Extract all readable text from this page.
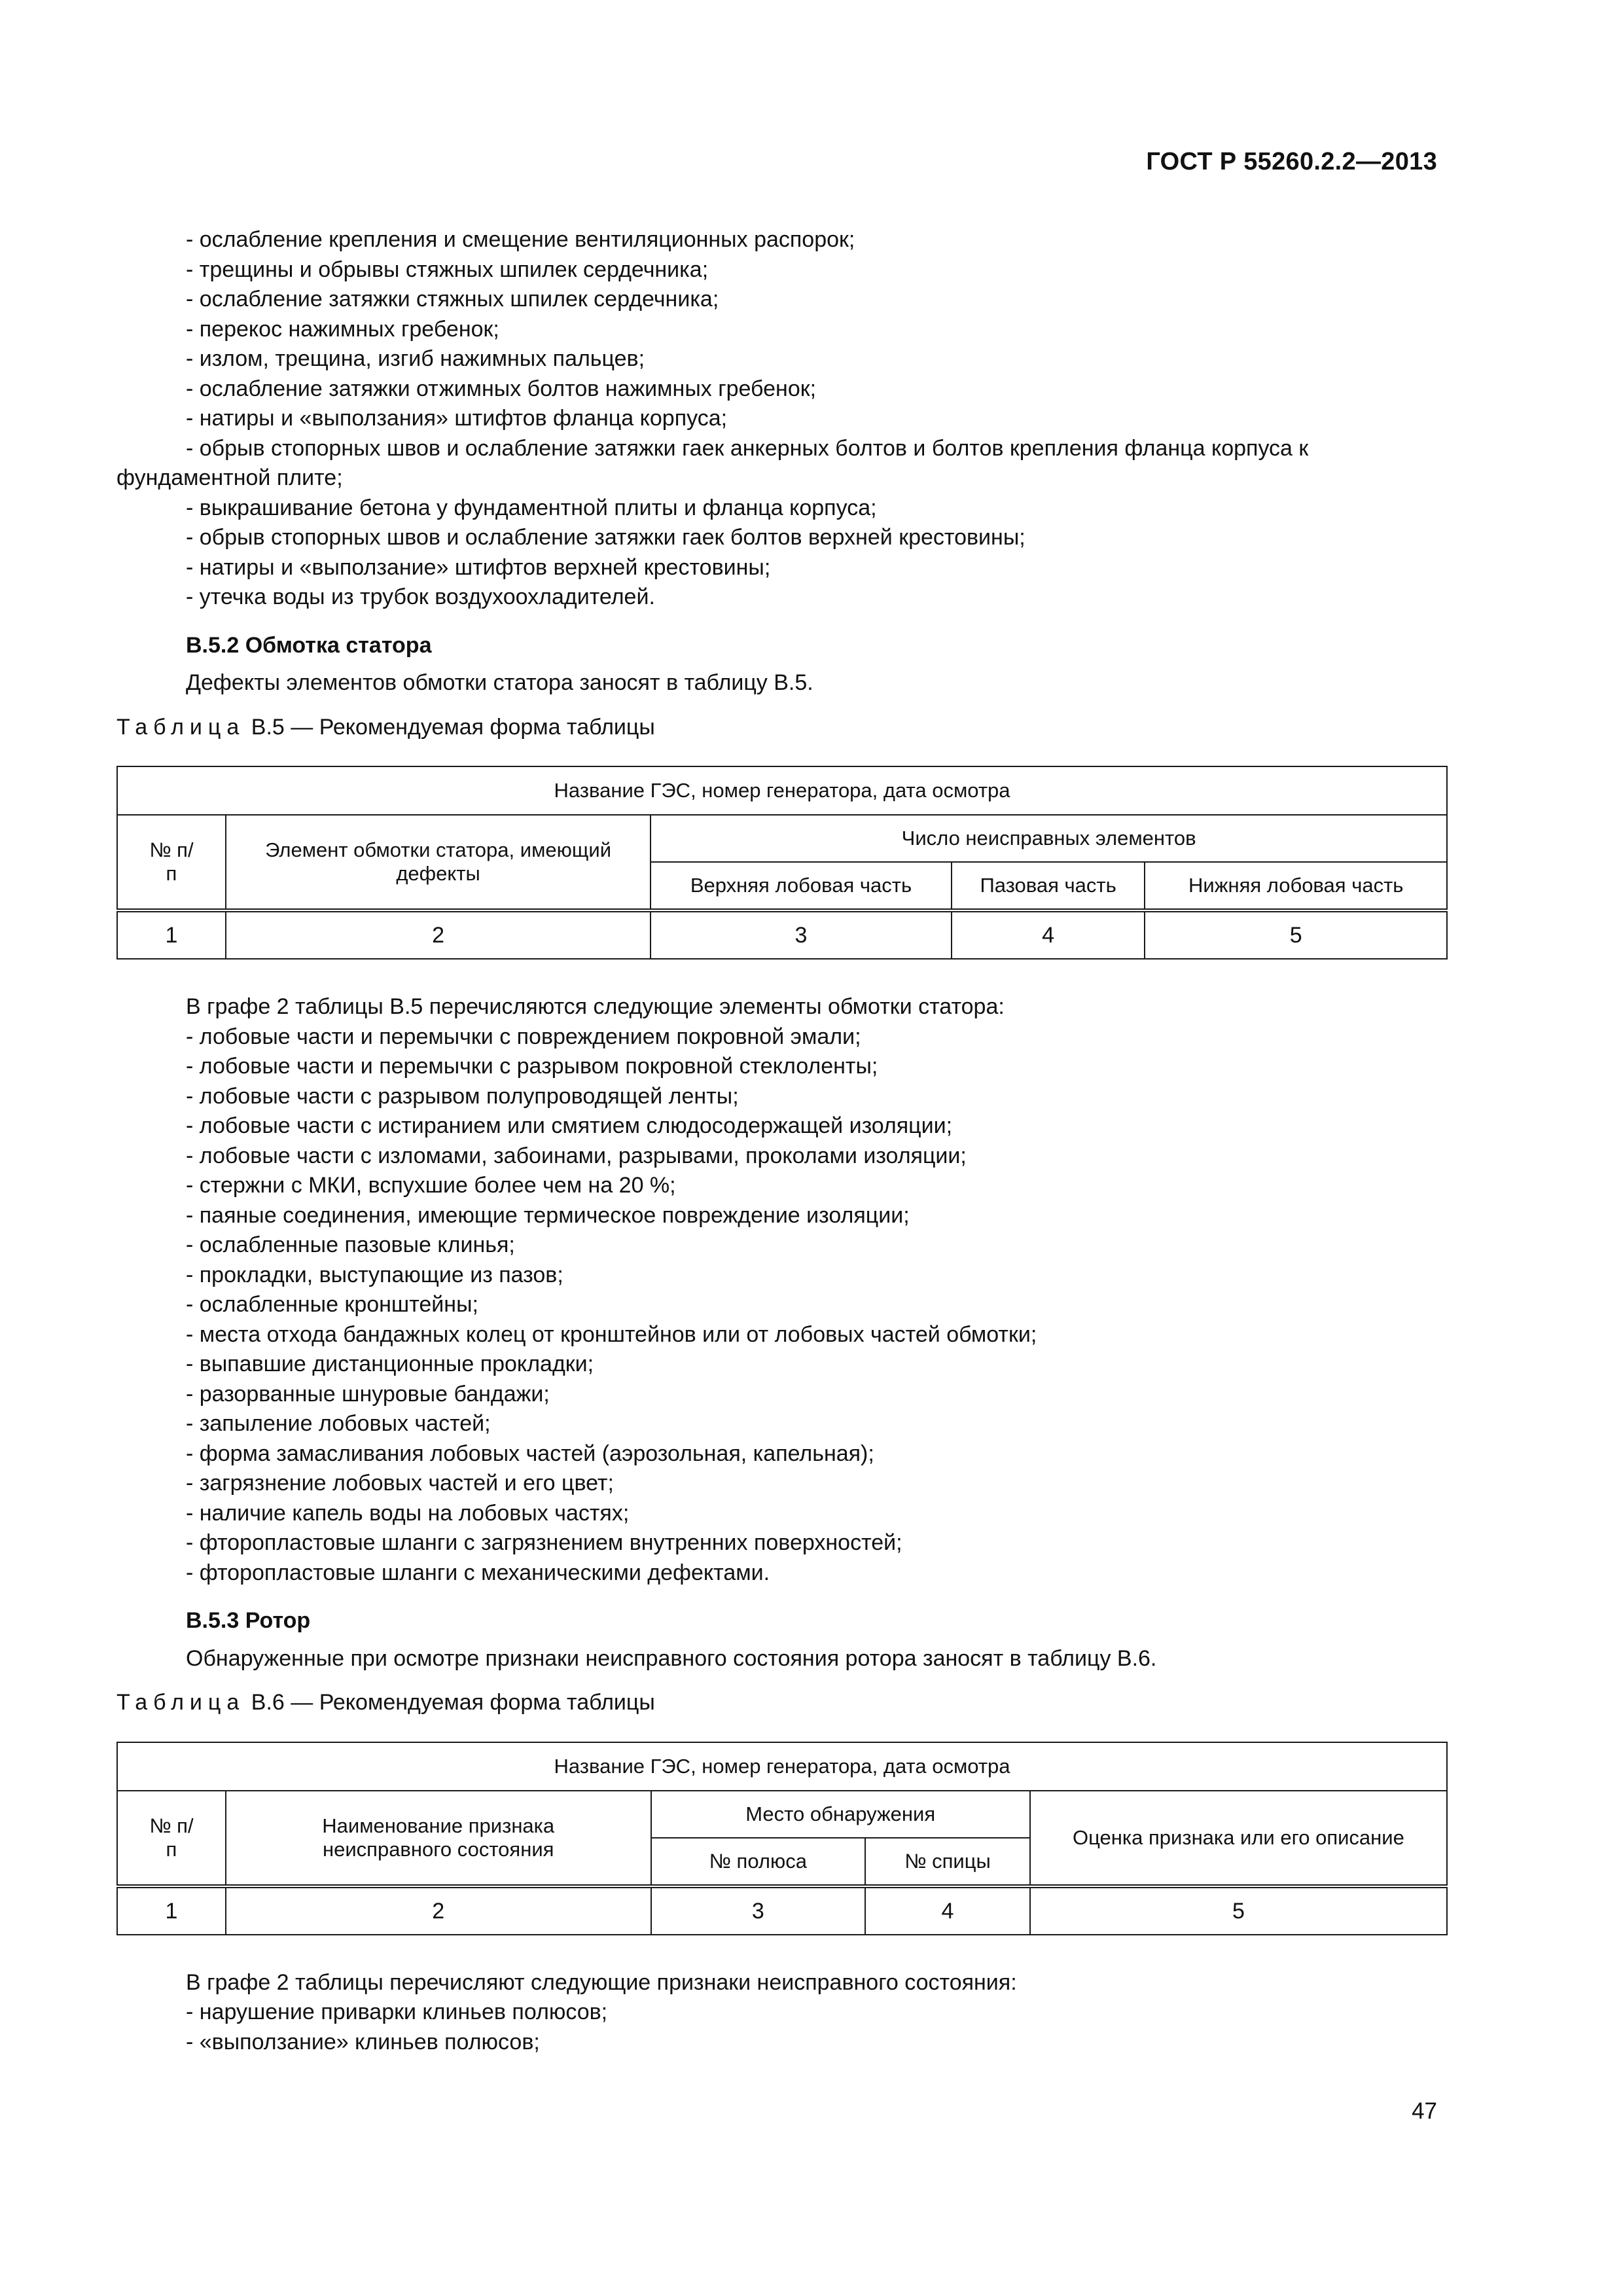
ГОСТ Р 55260.2.2—2013
- ослабление крепления и смещение вентиляционных распорок;
- трещины и обрывы стяжных шпилек сердечника;
- ослабление затяжки стяжных шпилек сердечника;
- перекос нажимных гребенок;
- излом, трещина, изгиб нажимных пальцев;
- ослабление затяжки отжимных болтов нажимных гребенок;
- натиры и «выползания» штифтов фланца корпуса;
- обрыв стопорных швов и ослабление затяжки гаек анкерных болтов и болтов крепления фланца корпуса к фундаментной плите;
- выкрашивание бетона у фундаментной плиты и фланца корпуса;
- обрыв стопорных швов и ослабление затяжки гаек болтов верхней крестовины;
- натиры и «выползание» штифтов верхней крестовины;
- утечка воды из трубок воздухоохладителей.
В.5.2 Обмотка статора
Дефекты элементов обмотки статора заносят в таблицу В.5.
Таблица В.5 — Рекомендуемая форма таблицы
Название ГЭС, номер генератора, дата осмотра				
№ п/п	Элемент обмотки статора, имеющий дефекты	Число неисправных элементов		
		Верхняя лобовая часть	Пазовая часть	Нижняя лобовая часть
1	2	3	4	5
В графе 2 таблицы В.5 перечисляются следующие элементы обмотки статора:
- лобовые части и перемычки с повреждением покровной эмали;
- лобовые части и перемычки с разрывом покровной стеклоленты;
- лобовые части с разрывом полупроводящей ленты;
- лобовые части с истиранием или смятием слюдосодержащей изоляции;
- лобовые части с изломами, забоинами, разрывами, проколами изоляции;
- стержни с МКИ, вспухшие более чем на 20 %;
- паяные соединения, имеющие термическое повреждение изоляции;
- ослабленные пазовые клинья;
- прокладки, выступающие из пазов;
- ослабленные кронштейны;
- места отхода бандажных колец от кронштейнов или от лобовых частей обмотки;
- выпавшие дистанционные прокладки;
- разорванные шнуровые бандажи;
- запыление лобовых частей;
- форма замасливания лобовых частей (аэрозольная, капельная);
- загрязнение лобовых частей и его цвет;
- наличие капель воды на лобовых частях;
- фторопластовые шланги с загрязнением внутренних поверхностей;
- фторопластовые шланги с механическими дефектами.
В.5.3 Ротор
Обнаруженные при осмотре признаки неисправного состояния ротора заносят в таблицу В.6.
Таблица В.6 — Рекомендуемая форма таблицы
Название ГЭС, номер генератора, дата осмотра				
№ п/п	Наименование признака неисправного состояния	Место обнаружения		Оценка признака или его описание
		№ полюса	№ спицы	
1	2	3	4	5
В графе 2 таблицы перечисляют следующие признаки неисправного состояния:
- нарушение приварки клиньев полюсов;
- «выползание» клиньев полюсов;
47
